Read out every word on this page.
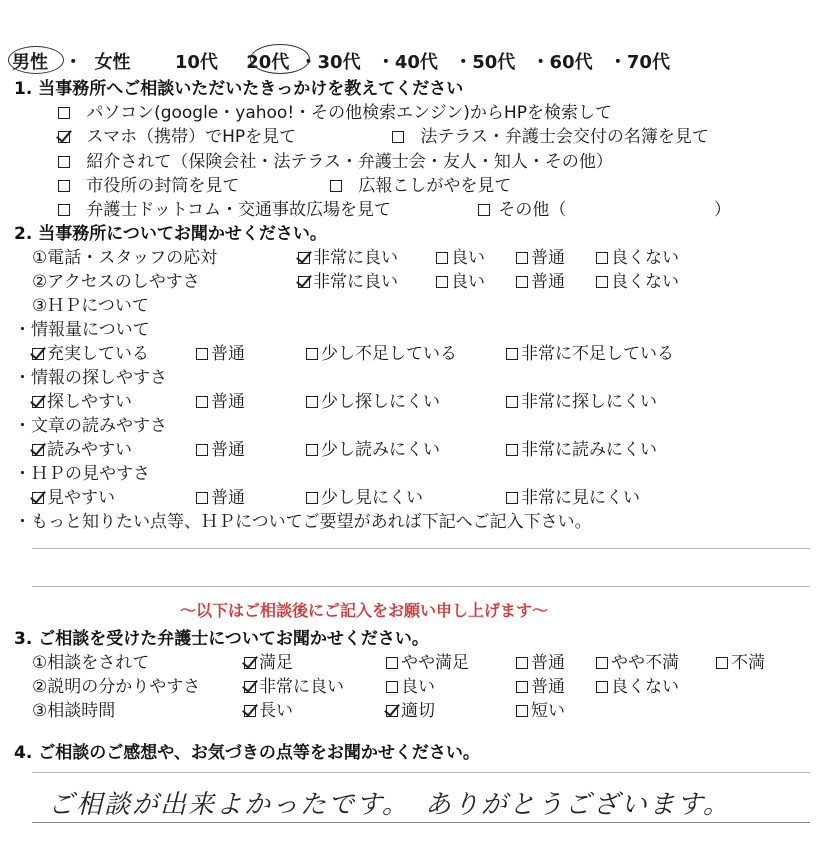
男性 ・ 女性 10代 20代 ・30代 ・40代 ・50代 ・60代 ・70代
1. 当事務所へご相談いただいたきっかけを教えてください
パソコン(google・yahoo!・その他検索エンジン)からHPを検索して
スマホ（携帯）でHPを見て	法テラス・弁護士会交付の名簿を見て
紹介されて（保険会社・法テラス・弁護士会・友人・知人・その他）
市役所の封筒を見て	広報こしがやを見て
弁護士ドットコム・交通事故広場を見て	その他（	）
2. 当事務所についてお聞かせください。
①電話・スタッフの応対	非常に良い	良い	普通	良くない
②アクセスのしやすさ	非常に良い	良い	普通	良くない
③ＨＰについて
・情報量について
充実している	普通	少し不足している	非常に不足している
・情報の探しやすさ
探しやすい	普通	少し探しにくい	非常に探しにくい
・文章の読みやすさ
読みやすい	普通	少し読みにくい	非常に読みにくい
・ＨＰの見やすさ
見やすい	普通	少し見にくい	非常に見にくい
・もっと知りたい点等、ＨＰについてご要望があれば下記へご記入下さい。
～以下はご相談後にご記入をお願い申し上げます～
3. ご相談を受けた弁護士についてお聞かせください。
①相談をされて	満足	やや満足	普通	やや不満	不満
②説明の分かりやすさ	非常に良い	良い	普通	良くない
③相談時間	長い	適切	短い
4. ご相談のご感想や、お気づきの点等をお聞かせください。
ご相談が出来よかったです。　ありがとうございます。
